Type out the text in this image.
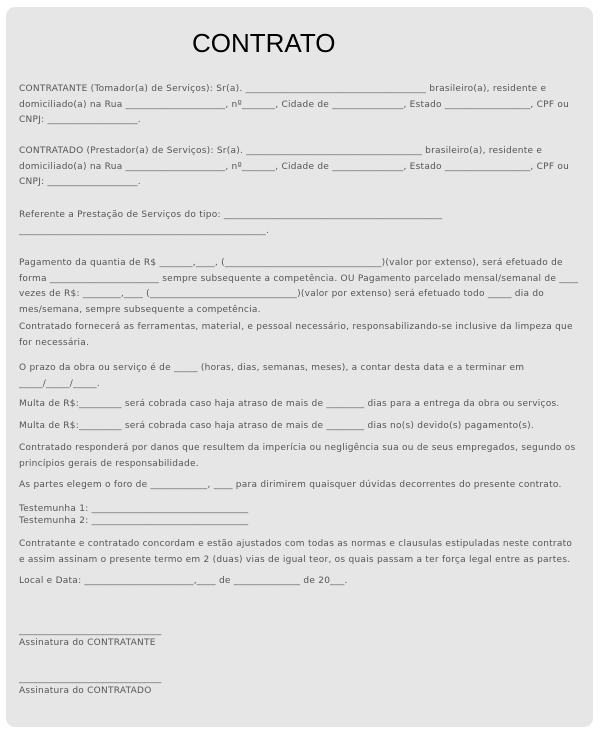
CONTRATO

CONTRATANTE (Tomador(a) de Serviços): Sr(a). ______________________________________ brasileiro(a), residente e domiciliado(a) na Rua _____________________, nº_______, Cidade de _______________, Estado __________________, CPF ou CNPJ: ___________________.

CONTRATADO (Prestador(a) de Serviços): Sr(a). _____________________________________ brasileiro(a), residente e domiciliado(a) na Rua _____________________, nº_______, Cidade de _______________, Estado __________________, CPF ou CNPJ: ___________________.

Referente a Prestação de Serviços do tipo: ______________________________________________ ____________________________________________________.

Pagamento da quantia de R$ _______,____, (_________________________________)(valor por extenso), será efetuado de forma _______________________ sempre subsequente a competência. OU Pagamento parcelado mensal/semanal de ____ vezes de R$: ________,____ (_______________________________)(valor por extenso) será efetuado todo _____ dia do mes/semana, sempre subsequente a competência.

Contratado fornecerá as ferramentas, material, e pessoal necessário, responsabilizando-se inclusive da limpeza que for necessária.

O prazo da obra ou serviço é de _____ (horas, dias, semanas, meses), a contar desta data e a terminar em _____/_____/_____.

Multa de R$:_________ será cobrada caso haja atraso de mais de ________ dias para a entrega da obra ou serviços.

Multa de R$:_________ será cobrada caso haja atraso de mais de ________ dias no(s) devido(s) pagamento(s).

Contratado responderá por danos que resultem da imperícia ou negligência sua ou de seus empregados, segundo os princípios gerais de responsabilidade.

As partes elegem o foro de ____________, ____ para dirimirem quaisquer dúvidas decorrentes do presente contrato.

Testemunha 1: _________________________________

Testemunha 2: _________________________________

Contratante e contratado concordam e estão ajustados com todas as normas e clausulas estipuladas neste contrato e assim assinam o presente termo em 2 (duas) vias de igual teor, os quais passam a ter força legal entre as partes.

Local e Data: _______________________,____ de ______________ de 20___.

______________________________

Assinatura do CONTRATANTE

______________________________

Assinatura do CONTRATADO
